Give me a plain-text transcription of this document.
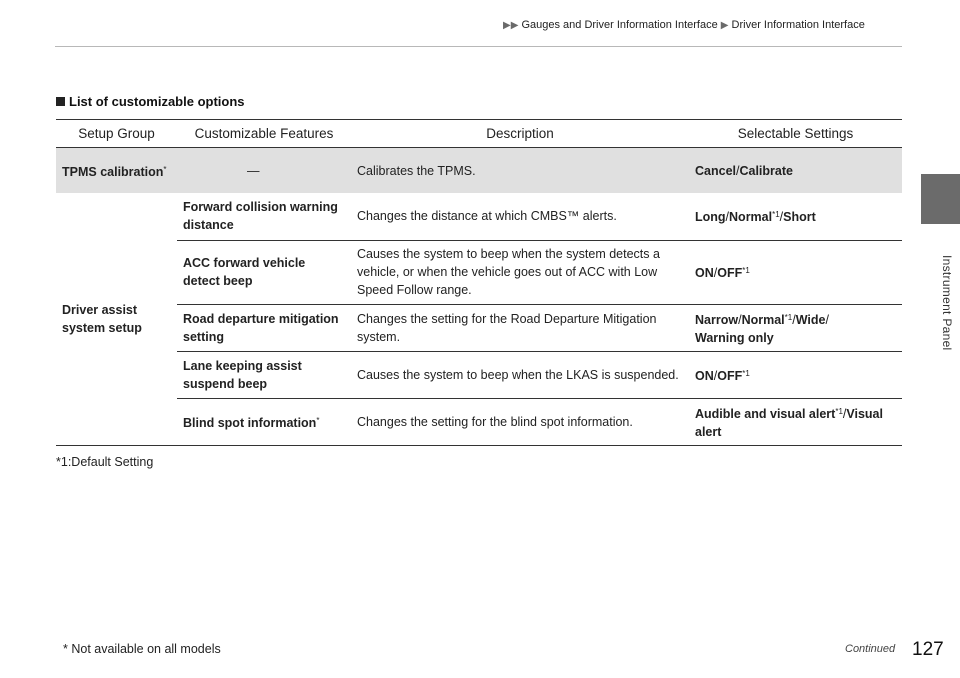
▶▶ Gauges and Driver Information Interface ▶ Driver Information Interface
Instrument Panel
List of customizable options
Setup Group	Customizable Features	Description	Selectable Settings
TPMS calibration*	—	Calibrates the TPMS.	Cancel/Calibrate
Driver assist system setup	Forward collision warning distance	Changes the distance at which CMBS™ alerts.	Long/Normal$^{*1}$/Short
	ACC forward vehicle detect beep	Causes the system to beep when the system detects a vehicle, or when the vehicle goes out of ACC with Low Speed Follow range.	ON/OFF$^{*1}$
	Road departure mitigation setting	Changes the setting for the Road Departure Mitigation system.	Narrow/Normal$^{*1}$/Wide/
Warning only
	Lane keeping assist suspend beep	Causes the system to beep when the LKAS is suspended.	ON/OFF$^{*1}$
	Blind spot information*	Changes the setting for the blind spot information.	Audible and visual alert$^{*1}$/Visual alert

*1:Default Setting
* Not available on all models	Continued 127
